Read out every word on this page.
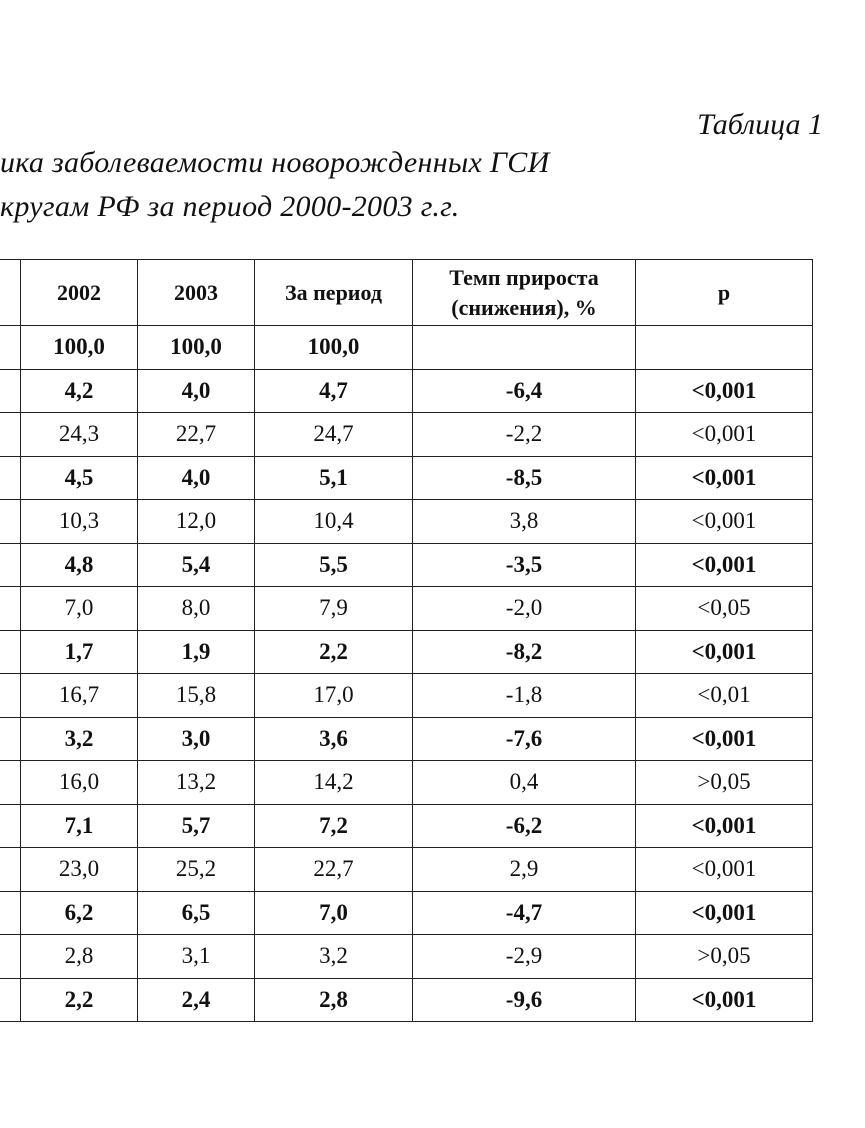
Таблица 1
ика заболеваемости новорожденных ГСИ
кругам РФ за период 2000-2003 г.г.
	2002	2003	За период	Темп прироста
(снижения), %	р
	100,0	100,0	100,0		
	4,2	4,0	4,7	-6,4	<0,001
	24,3	22,7	24,7	-2,2	<0,001
	4,5	4,0	5,1	-8,5	<0,001
	10,3	12,0	10,4	3,8	<0,001
	4,8	5,4	5,5	-3,5	<0,001
	7,0	8,0	7,9	-2,0	<0,05
	1,7	1,9	2,2	-8,2	<0,001
	16,7	15,8	17,0	-1,8	<0,01
	3,2	3,0	3,6	-7,6	<0,001
	16,0	13,2	14,2	0,4	>0,05
	7,1	5,7	7,2	-6,2	<0,001
	23,0	25,2	22,7	2,9	<0,001
	6,2	6,5	7,0	-4,7	<0,001
	2,8	3,1	3,2	-2,9	>0,05
	2,2	2,4	2,8	-9,6	<0,001
